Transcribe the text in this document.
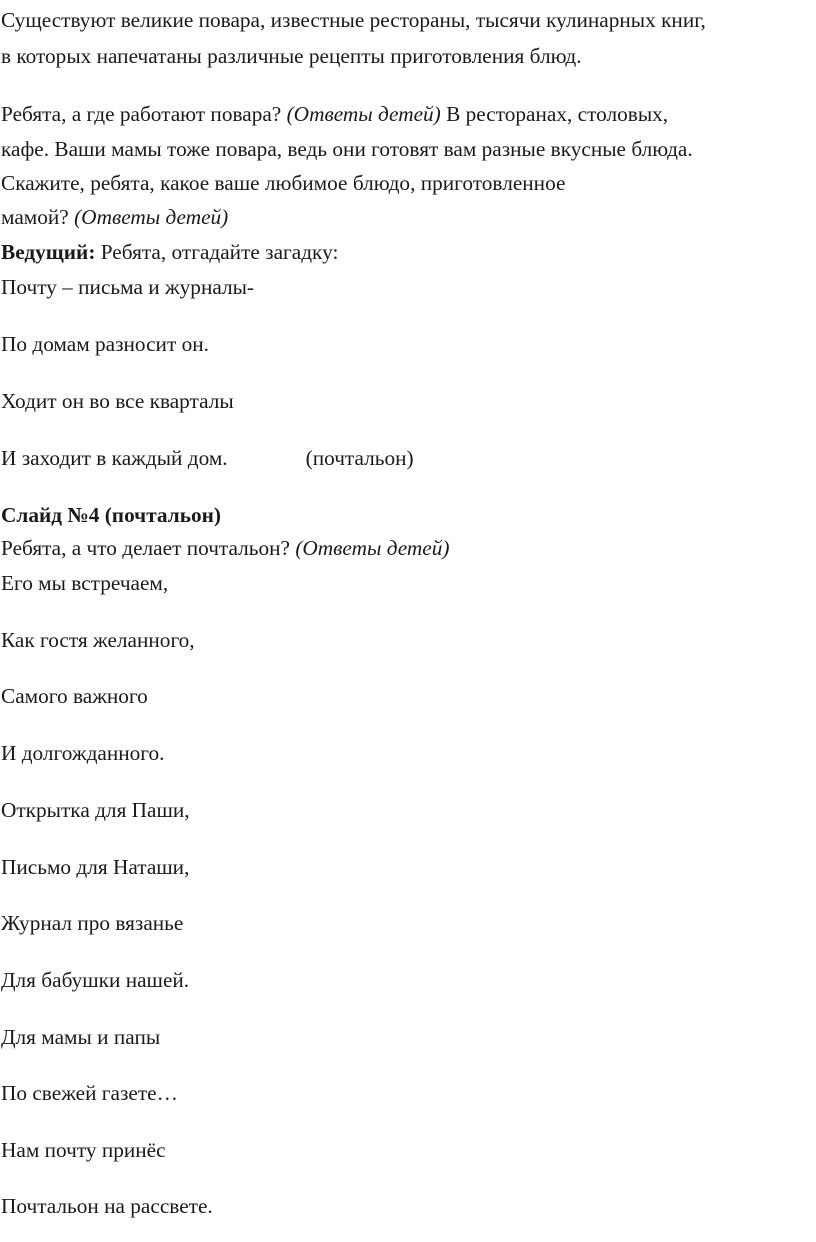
Существуют великие повара, известные рестораны, тысячи кулинарных книг,
в которых напечатаны различные рецепты приготовления блюд.
Ребята, а где работают повара? (Ответы детей) В ресторанах, столовых,
кафе. Ваши мамы тоже повара, ведь они готовят вам разные вкусные блюда.
Скажите, ребята, какое ваше любимое блюдо, приготовленное
мамой? (Ответы детей)
Ведущий: Ребята, отгадайте загадку:
Почту – письма и журналы-
По домам разносит он.
Ходит он во все кварталы
И заходит в каждый дом.	(почтальон)
Слайд №4 (почтальон)
Ребята, а что делает почтальон? (Ответы детей)
Его мы встречаем,
Как гостя желанного,
Самого важного
И долгожданного.
Открытка для Паши,
Письмо для Наташи,
Журнал про вязанье
Для бабушки нашей.
Для мамы и папы
По свежей газете…
Нам почту принёс
Почтальон на рассвете.
